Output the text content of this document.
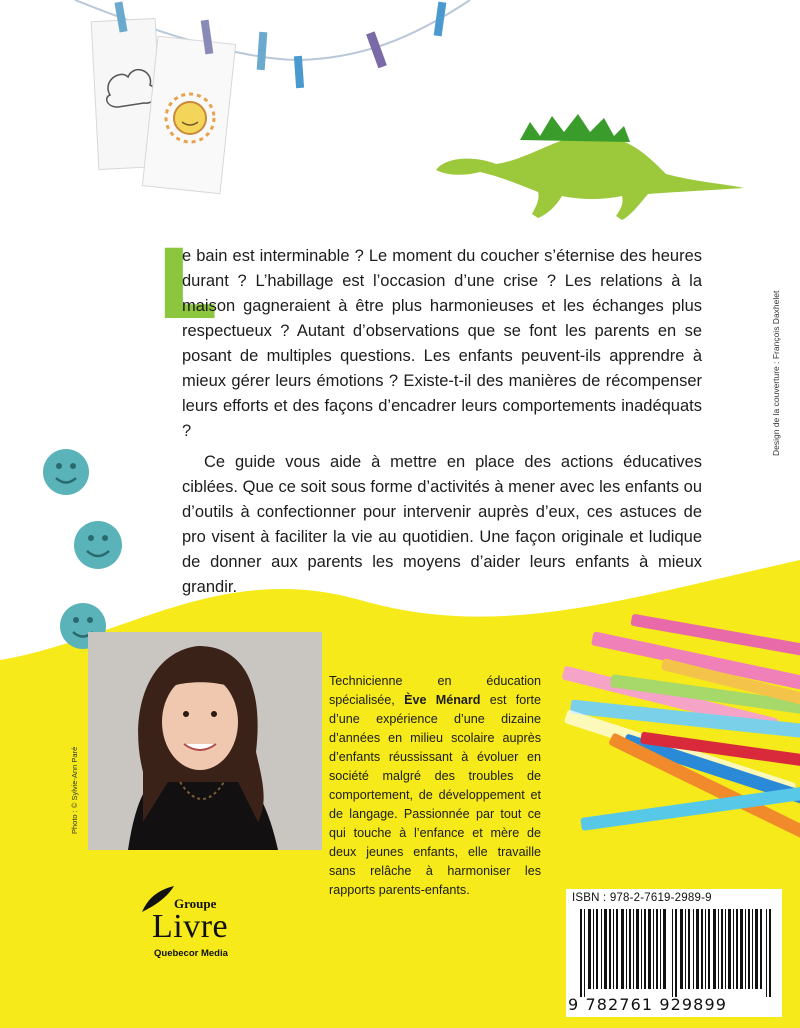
L

e bain est interminable ? Le moment du coucher s’éternise des heures durant ? L’habillage est l’occasion d’une crise ? Les relations à la maison gagneraient à être plus harmonieuses et les échanges plus respectueux ? Autant d’observations que se font les parents en se posant de multiples questions. Les enfants peuvent-ils apprendre à mieux gérer leurs émotions ? Existe-t-il des manières de récompenser leurs efforts et des façons d’encadrer leurs comportements inadéquats ?

Ce guide vous aide à mettre en place des actions éducatives ciblées. Que ce soit sous forme d’activités à mener avec les enfants ou d’outils à confectionner pour intervenir auprès d’eux, ces astuces de pro visent à faciliter la vie au quotidien. Une façon originale et ludique de donner aux parents les moyens d’aider leurs enfants à mieux grandir.

Design de la couverture : François Daxhelet
Photo : © Sylvie-Ann Paré
Technicienne en éducation spécialisée, Ève Ménard est forte d’une expérience d’une dizaine d’années en milieu scolaire auprès d’enfants réussissant à évoluer en société malgré des troubles de comportement, de développement et de langage. Passionnée par tout ce qui touche à l’enfance et mère de deux jeunes enfants, elle travaille sans relâche à harmoniser les rapports parents-enfants.
Groupe
Livre
Quebecor Media
ISBN : 978-2-7619-2989-9
9 782761 929899
